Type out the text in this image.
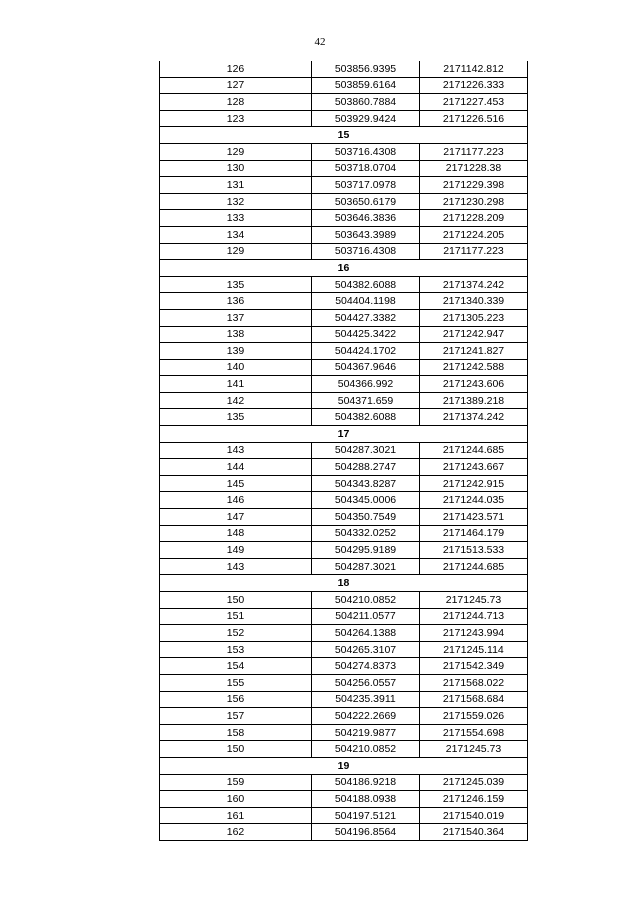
42
126	503856.9395	2171142.812
127	503859.6164	2171226.333
128	503860.7884	2171227.453
123	503929.9424	2171226.516
15		
129	503716.4308	2171177.223
130	503718.0704	2171228.38
131	503717.0978	2171229.398
132	503650.6179	2171230.298
133	503646.3836	2171228.209
134	503643.3989	2171224.205
129	503716.4308	2171177.223
16		
135	504382.6088	2171374.242
136	504404.1198	2171340.339
137	504427.3382	2171305.223
138	504425.3422	2171242.947
139	504424.1702	2171241.827
140	504367.9646	2171242.588
141	504366.992	2171243.606
142	504371.659	2171389.218
135	504382.6088	2171374.242
17		
143	504287.3021	2171244.685
144	504288.2747	2171243.667
145	504343.8287	2171242.915
146	504345.0006	2171244.035
147	504350.7549	2171423.571
148	504332.0252	2171464.179
149	504295.9189	2171513.533
143	504287.3021	2171244.685
18		
150	504210.0852	2171245.73
151	504211.0577	2171244.713
152	504264.1388	2171243.994
153	504265.3107	2171245.114
154	504274.8373	2171542.349
155	504256.0557	2171568.022
156	504235.3911	2171568.684
157	504222.2669	2171559.026
158	504219.9877	2171554.698
150	504210.0852	2171245.73
19		
159	504186.9218	2171245.039
160	504188.0938	2171246.159
161	504197.5121	2171540.019
162	504196.8564	2171540.364
